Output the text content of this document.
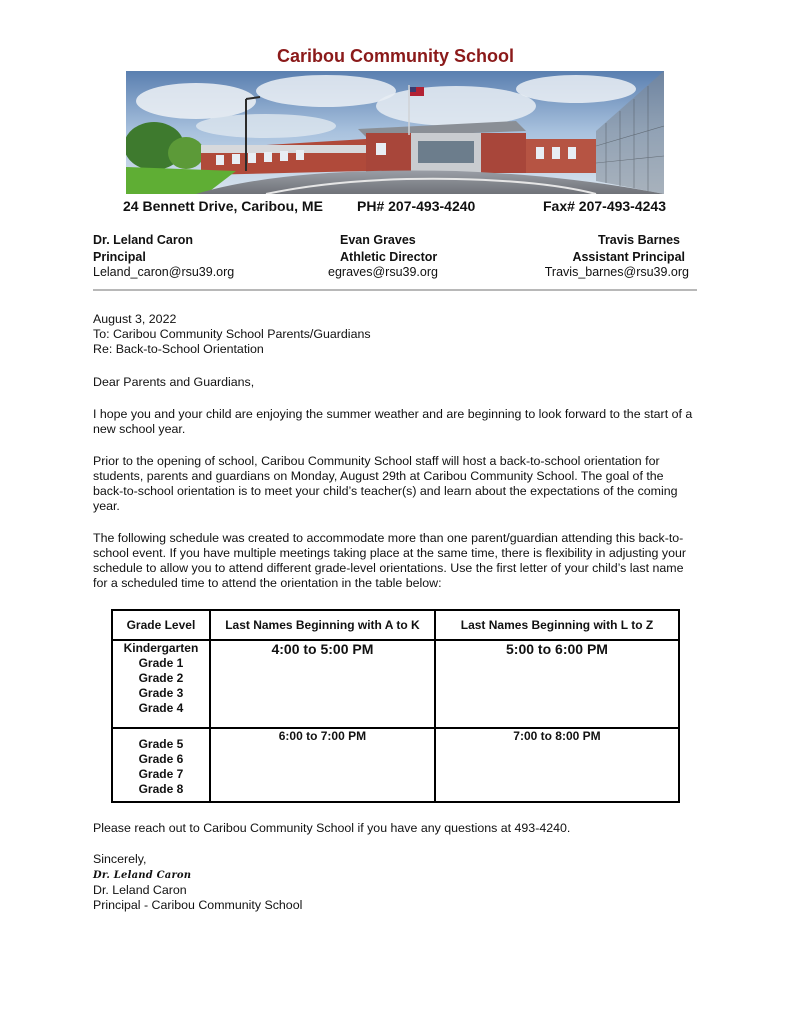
Caribou Community School
24 Bennett Drive, Caribou, ME PH# 207-493-4240	Fax# 207-493-4243
Dr. Leland Caron
Principal
Leland_caron@rsu39.org
Evan Graves
Athletic Director
egraves@rsu39.org
Travis Barnes
Assistant Principal
Travis_barnes@rsu39.org
August 3, 2022
To: Caribou Community School Parents/Guardians
Re: Back-to-School Orientation
Dear Parents and Guardians,
I hope you and your child are enjoying the summer weather and are beginning to look forward to the start of a new school year.
Prior to the opening of school, Caribou Community School staff will host a back-to-school orientation for students, parents and guardians on Monday, August 29th at Caribou Community School. The goal of the back-to-school orientation is to meet your child’s teacher(s) and learn about the expectations of the coming year.
The following schedule was created to accommodate more than one parent/guardian attending this back-to-school event. If you have multiple meetings taking place at the same time, there is flexibility in adjusting your schedule to allow you to attend different grade-level orientations. Use the first letter of your child’s last name for a scheduled time to attend the orientation in the table below:
Grade Level	Last Names Beginning with A to K	Last Names Beginning with L to Z

Kindergarten
Grade 1
Grade 2
Grade 3
Grade 4	4:00 to 5:00 PM	5:00 to 6:00 PM

Grade 5
Grade 6
Grade 7
Grade 8	6:00 to 7:00 PM	7:00 to 8:00 PM
Please reach out to Caribou Community School if you have any questions at 493-4240.
Sincerely,
Dr. Leland Caron
Dr. Leland Caron
Principal - Caribou Community School
